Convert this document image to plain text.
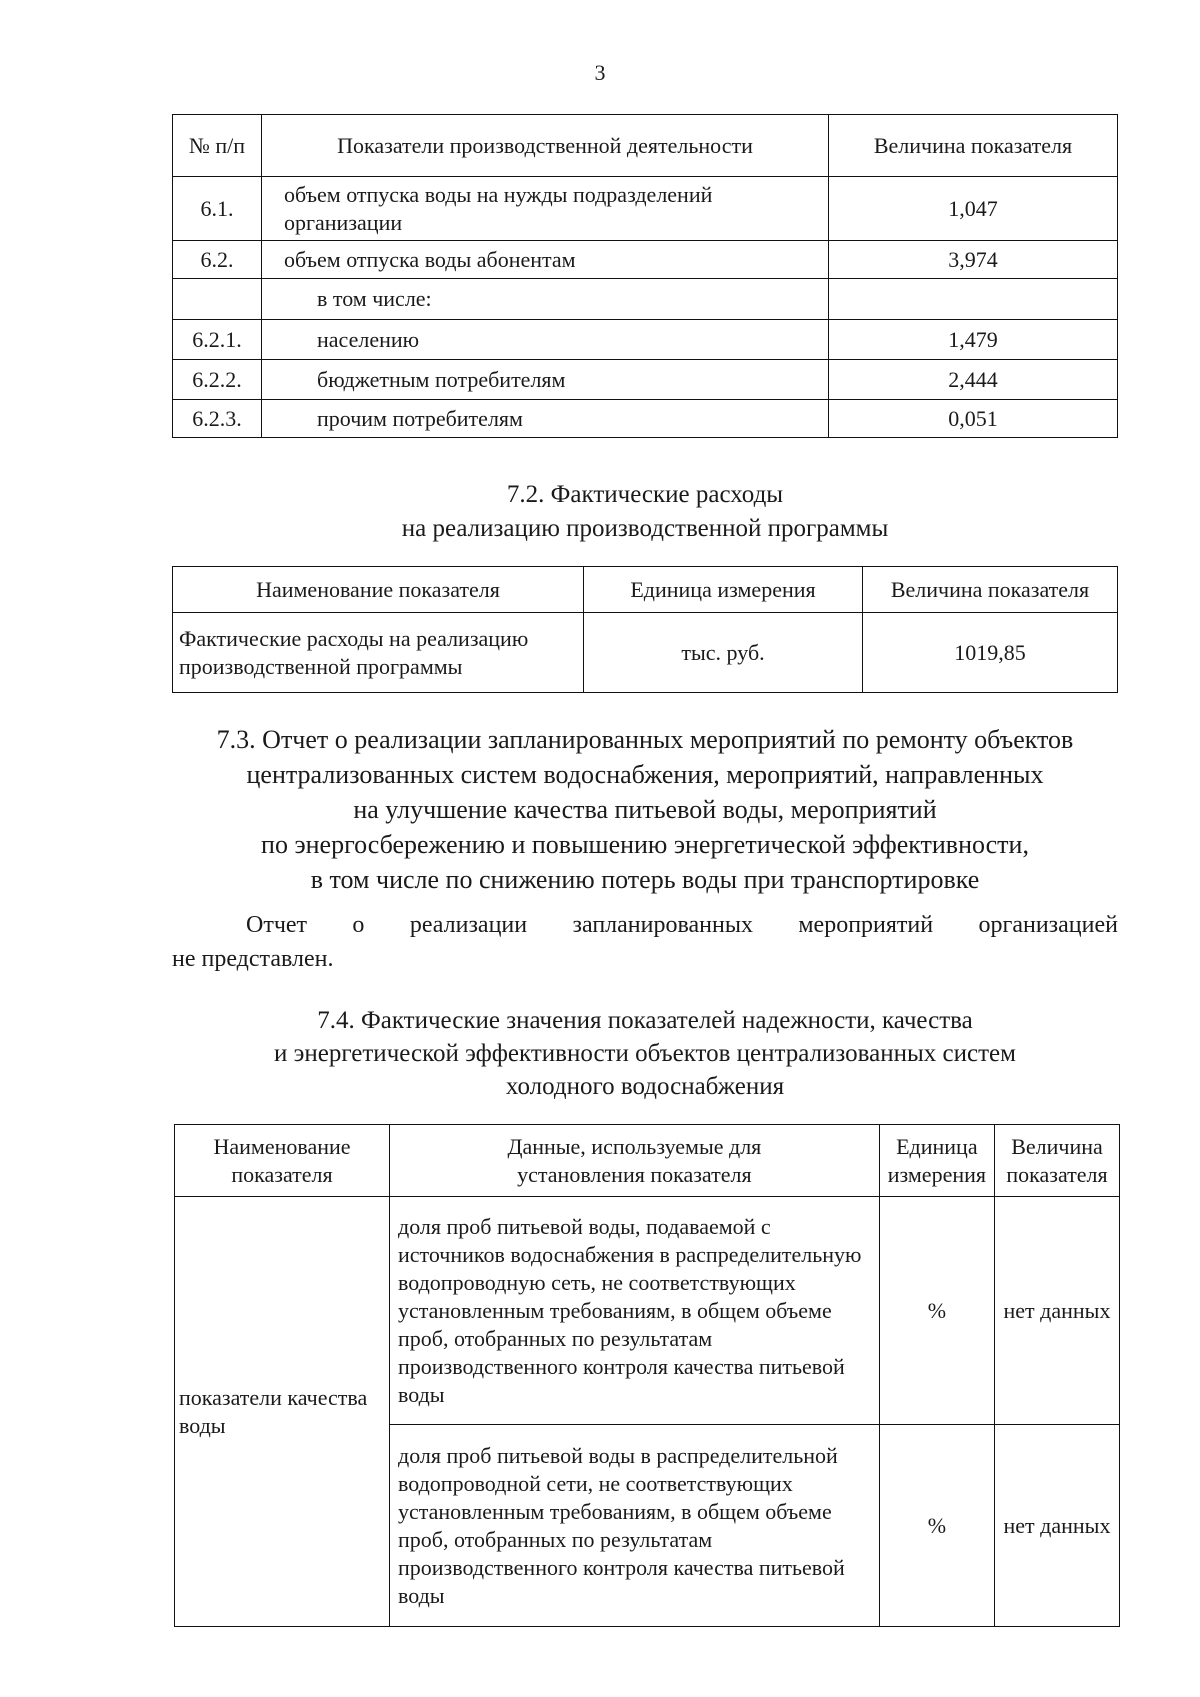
3
№ п/п	Показатели производственной деятельности	Величина показателя
6.1.	объем отпуска воды на нужды подразделений организации	1,047
6.2.	объем отпуска воды абонентам	3,974
	в том числе:	
6.2.1.	населению	1,479
6.2.2.	бюджетным потребителям	2,444
6.2.3.	прочим потребителям	0,051
7.2. Фактические расходы
на реализацию производственной программы
Наименование показателя	Единица измерения	Величина показателя
Фактические расходы на реализацию производственной программы	тыс. руб.	1019,85
7.3. Отчет о реализации запланированных мероприятий по ремонту объектов
централизованных систем водоснабжения, мероприятий, направленных
на улучшение качества питьевой воды, мероприятий
по энергосбережению и повышению энергетической эффективности,
в том числе по снижению потерь воды при транспортировке
Отчет о реализации запланированных мероприятий организацией
не представлен.
7.4. Фактические значения показателей надежности, качества
и энергетической эффективности объектов централизованных систем
холодного водоснабжения
Наименование показателя	Данные, используемые для установления показателя	Единица измерения	Величина показателя
показатели качества воды	доля проб питьевой воды, подаваемой с источников водоснабжения в распределительную водопроводную сеть, не соответствующих установленным требованиям, в общем объеме проб, отобранных по результатам производственного контроля качества питьевой воды	%	нет данных
	доля проб питьевой воды в распределительной водопроводной сети, не соответствующих установленным требованиям, в общем объеме проб, отобранных по результатам производственного контроля качества питьевой воды	%	нет данных
